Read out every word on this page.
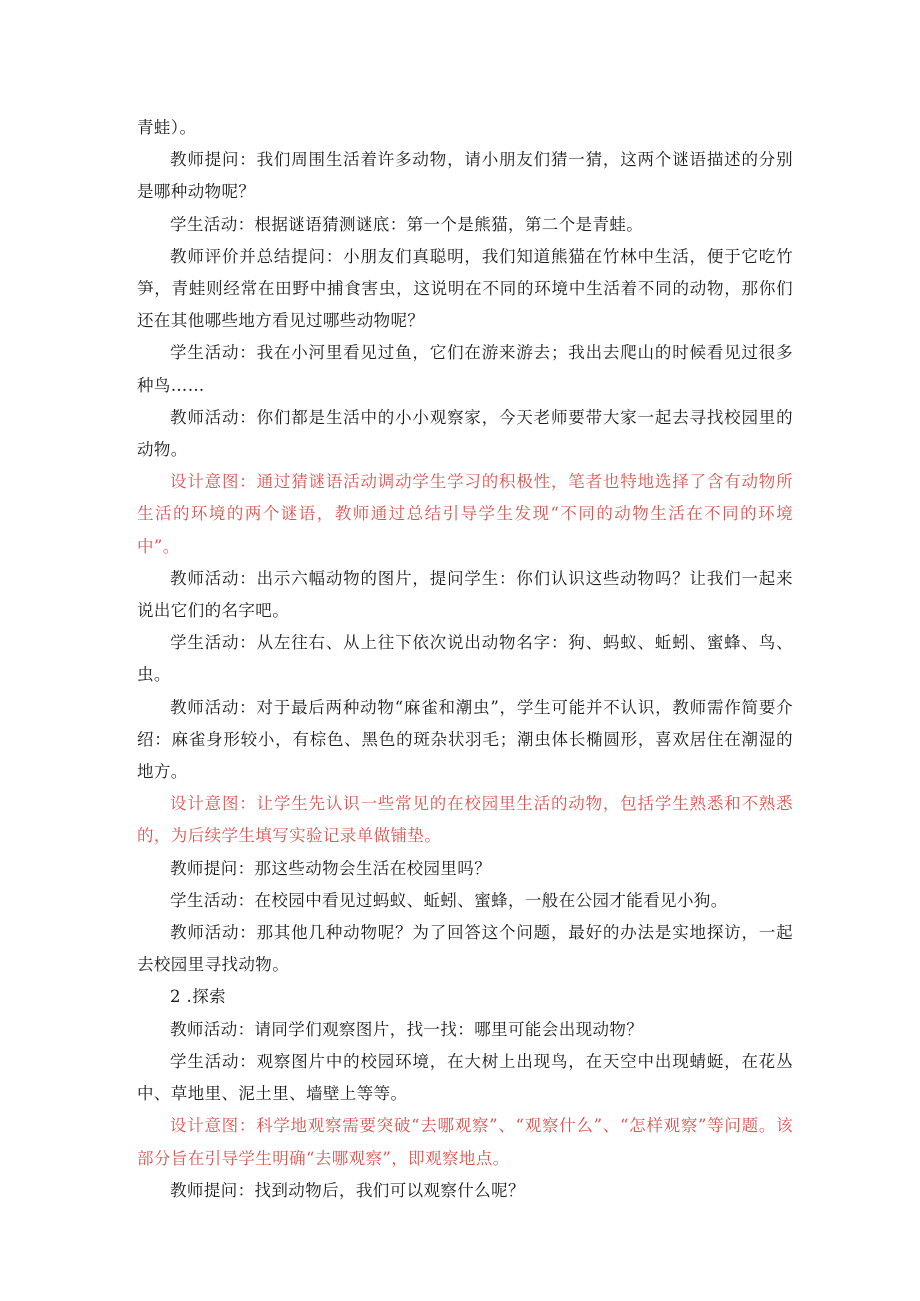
青蛙）。

教师提问：我们周围生活着许多动物，请小朋友们猜一猜，这两个谜语描述的分别是哪种动物呢？

学生活动：根据谜语猜测谜底：第一个是熊猫，第二个是青蛙。

教师评价并总结提问：小朋友们真聪明，我们知道熊猫在竹林中生活，便于它吃竹笋，青蛙则经常在田野中捕食害虫，这说明在不同的环境中生活着不同的动物，那你们还在其他哪些地方看见过哪些动物呢？

学生活动：我在小河里看见过鱼，它们在游来游去；我出去爬山的时候看见过很多种鸟……

教师活动：你们都是生活中的小小观察家，今天老师要带大家一起去寻找校园里的动物。

设计意图：通过猜谜语活动调动学生学习的积极性，笔者也特地选择了含有动物所生活的环境的两个谜语，教师通过总结引导学生发现“不同的动物生活在不同的环境中”。

教师活动：出示六幅动物的图片，提问学生：你们认识这些动物吗？让我们一起来说出它们的名字吧。

学生活动：从左往右、从上往下依次说出动物名字：狗、蚂蚁、蚯蚓、蜜蜂、鸟、虫。

教师活动：对于最后两种动物“麻雀和潮虫”，学生可能并不认识，教师需作简要介绍：麻雀身形较小，有棕色、黑色的斑杂状羽毛；潮虫体长椭圆形，喜欢居住在潮湿的地方。

设计意图：让学生先认识一些常见的在校园里生活的动物，包括学生熟悉和不熟悉的，为后续学生填写实验记录单做铺垫。

教师提问：那这些动物会生活在校园里吗？

学生活动：在校园中看见过蚂蚁、蚯蚓、蜜蜂，一般在公园才能看见小狗。

教师活动：那其他几种动物呢？为了回答这个问题，最好的办法是实地探访，一起去校园里寻找动物。

2 .探索

教师活动：请同学们观察图片，找一找：哪里可能会出现动物？

学生活动：观察图片中的校园环境，在大树上出现鸟，在天空中出现蜻蜓，在花丛中、草地里、泥土里、墙壁上等等。

设计意图：科学地观察需要突破“去哪观察”、“观察什么”、“怎样观察”等问题。该部分旨在引导学生明确“去哪观察”，即观察地点。

教师提问：找到动物后，我们可以观察什么呢？
